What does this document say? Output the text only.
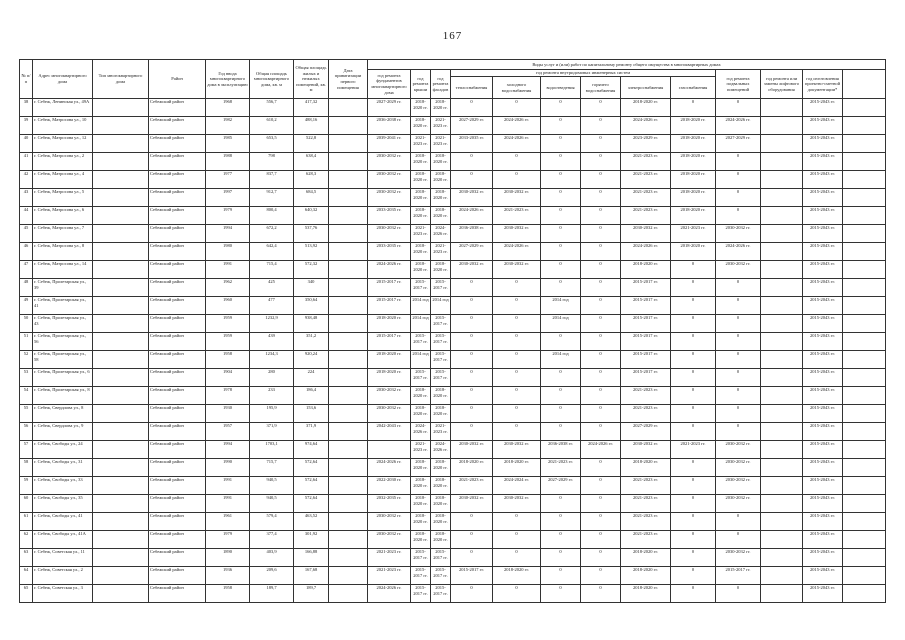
167
№ п/п	Адрес многоквартирного дома	Тип многоквартирного дома	Район	Год ввода многоквартирного дома в эксплуатацию	Общая площадь многоквартирного дома, кв. м	Общая площадь жилых и нежилых помещений, кв. м	Дата приватизации первого помещения	Виды услуг и (или) работ по капитальному ремонту общего имущества в многоквартирных домах												
								год ремонта фундаментов многоквартирного дома	год ремонта крыши	год ремонта фасадов	год ремонта внутридомовых инженерных систем						год ремонта подвальных помещений	год ремонта или замены лифтового оборудования	год изготовления проектно-сметной документации*	
											теплоснабжения	холодного водоснабжения	водоотведения	горячего водоснабжения	электроснабжения	газоснабжения				
38	г. Себеж, Ленинская ул., 49А		Себежский район	1968	556,7	417,32		2027-2029 гг.	2018-2020 гг.	2018-2020 гг.	0	0	0	0	2018-2020 гг.	0	0		2015-2043 гг.	
39	г. Себеж, Матросова ул., 10		Себежский район	1982	610,2	488,16		2036-2038 гг.	2018-2020 гг.	2021-2023 гг.	2027-2029 гг.	2024-2026 гг.	0	0	2024-2026 гг.	2018-2020 гг.	2024-2026 гг.		2015-2043 гг.	
40	г. Себеж, Матросова ул., 12		Себежский район	1985	653,5	522,8		2039-2041 гг.	2021-2023 гг.	2021-2023 гг.	2033-2035 гг.	2024-2026 гг.	0	0	2023-2029 гг.	2018-2020 гг.	2027-2029 гг.		2015-2043 гг.	
41	г. Себеж, Матросова ул., 2		Себежский район	1988	798	638,4		2030-2032 гг.	2018-2020 гг.	2018-2020 гг.	0	0	0	0	2021-2023 гг.	2018-2020 гг.	0		2015-2043 гг.	
42	г. Себеж, Матросова ул., 4		Себежский район	1977	837,7	628,3		2030-2032 гг.	2018-2020 гг.	2018-2020 гг.	0	0	0	0	2021-2023 гг.	2018-2020 гг.	0		2015-2043 гг.	
43	г. Себеж, Матросова ул., 5		Себежский район	1997	912,7	684,5		2030-2032 гг.	2018-2020 гг.	2018-2020 гг.	2030-2032 гг.	2030-2032 гг.	0	0	2021-2023 гг.	2018-2020 гг.	0		2015-2043 гг.	
44	г. Себеж, Матросова ул., 6		Себежский район	1979	800,4	640,32		2033-2035 гг.	2018-2020 гг.	2018-2020 гг.	2024-2026 гг.	2021-2023 гг.	0	0	2021-2023 гг.	2018-2020 гг.	0		2015-2043 гг.	
45	г. Себеж, Матросова ул., 7		Себежский район	1994	672,2	537,76		2030-2032 гг.	2021-2023 гг.	2024-2026 гг.	2036-2038 гг.	2030-2032 гг.	0	0	2030-2032 гг.	2021-2023 гг.	2030-2032 гг.		2015-2043 гг.	
46	г. Себеж, Матросова ул., 8		Себежский район	1980	642,4	513,92		2033-2035 гг.	2018-2020 гг.	2021-2023 гг.	2027-2029 гг.	2024-2026 гг.	0	0	2024-2026 гг.	2018-2020 гг.	2024-2026 гг.		2015-2043 гг.	
47	г. Себеж, Матросова ул., 14		Себежский район	1991	715,4	572,32		2024-2026 гг.	2018-2020 гг.	2018-2020 гг.	2030-2032 гг.	2030-2032 гг.	0	0	2018-2020 гг.	0	2030-2032 гг.		2015-2043 гг.	
48	г. Себеж, Пролетарская ул., 39		Себежский район	1962	425	340		2015-2017 гг.	2015-2017 гг.	2015-2017 гг.	0	0	0	0	2015-2017 гг.	0	0		2015-2043 гг.	
49	г. Себеж, Пролетарская ул., 41		Себежский район	1960	477	350,64		2015-2017 гг.	2014 год	2014 год	0	0	2014 год	0	2015-2017 гг.	0	0		2015-2043 гг.	
50	г. Себеж, Пролетарская ул., 43		Себежский район	1959	1232,9	938,48		2018-2020 гг.	2014 год	2015-2017 гг.	0	0	2014 год	0	2015-2017 гг.	0	0		2015-2043 гг.	
51	г. Себеж, Пролетарская ул., 56		Себежский район	1959	439	351,2		2015-2017 гг.	2015-2017 гг.	2015-2017 гг.	0	0	0	0	2015-2017 гг.	0	0		2015-2043 гг.	
52	г. Себеж, Пролетарская ул., 58		Себежский район	1958	1234,3	920,24		2018-2020 гг.	2014 год	2015-2017 гг.	0	0	2014 год	0	2015-2017 гг.	0	0		2015-2043 гг.	
53	г. Себеж, Пролетарская ул., 6		Себежский район	1904	280	224		2018-2020 гг.	2015-2017 гг.	2015-2017 гг.	0	0	0	0	2015-2017 гг.	0	0		2015-2043 гг.	
54	г. Себеж, Пролетарская ул., 8		Себежский район	1978	233	186,4		2030-2032 гг.	2018-2020 гг.	2018-2020 гг.	0	0	0	0	2021-2023 гг.	0	0		2015-2043 гг.	
55	г. Себеж, Свердлова ул., 8		Себежский район	1930	195,9	153,6		2030-2032 гг.	2018-2020 гг.	2018-2020 гг.	0	0	0	0	2021-2023 гг.	0	0		2015-2043 гг.	
56	г. Себеж, Свердлова ул., 9		Себежский район	1957	371,9	371,9		2042-2043 гг.	2024-2026 гг.	2021-2023 гг.	0	0	0	0	2027-2029 гг.	0	0		2015-2043 гг.	
57	г. Себеж, Свободы ул., 24		Себежский район	1994	1703,1	974,64			2021-2023 гг.	2024-2026 гг.	2030-2032 гг.	2030-2032 гг.	2036-2038 гг.	2024-2026 гг.	2030-2032 гг.	2021-2023 гг.	2030-2032 гг.		2015-2043 гг.	
58	г. Себеж, Свободы ул., 31		Себежский район	1990	715,7	572,64		2024-2026 гг.	2018-2020 гг.	2018-2020 гг.	2018-2020 гг.	2018-2020 гг.	2021-2023 гг.	0	2018-2020 гг.	0	2030-2032 гг.		2015-2043 гг.	
59	г. Себеж, Свободы ул., 33		Себежский район	1991	940,5	572,64		2022-2030 гг.	2018-2020 гг.	2018-2020 гг.	2021-2023 гг.	2024-2024 гг.	2027-2029 гг.	0	2021-2023 гг.	0	2030-2032 гг.		2015-2043 гг.	
60	г. Себеж, Свободы ул., 35		Себежский район	1991	940,5	572,64		2032-2035 гг.	2018-2020 гг.	2018-2020 гг.	2030-2032 гг.	2030-2032 гг.	0	0	2021-2023 гг.	0	2030-2032 гг.		2015-2043 гг.	
61	г. Себеж, Свободы ул., 41		Себежский район	1961	579,4	463,52		2030-2032 гг.	2018-2020 гг.	2018-2020 гг.	0	0	0	0	2021-2023 гг.	0	0		2015-2043 гг.	
62	г. Себеж, Свободы ул., 41А		Себежский район	1979	377,4	301,92		2030-2032 гг.	2018-2020 гг.	2018-2020 гг.	0	0	0	0	2021-2023 гг.	0	0		2015-2043 гг.	
63	г. Себеж, Советская ул., 11		Себежский район	1890	403,9	166,88		2021-2023 гг.	2015-2017 гг.	2015-2017 гг.	0	0	0	0	2018-2020 гг.	0	2030-2032 гг.		2015-2043 гг.	
64	г. Себеж, Советская ул., 2		Себежский район	1936	209,6	167,68		2021-2023 гг.	2015-2017 гг.	2015-2017 гг.	2015-2017 гг.	2018-2020 гг.	0	0	2018-2020 гг.	0	2015-2017 гг.		2015-2043 гг.	
65	г. Себеж, Советская ул., 3		Себежский район	1958	189,7	189,7		2024-2026 гг.	2015-2017 гг.	2015-2017 гг.	0	0	0	0	2018-2020 гг.	0	0		2015-2043 гг.	
